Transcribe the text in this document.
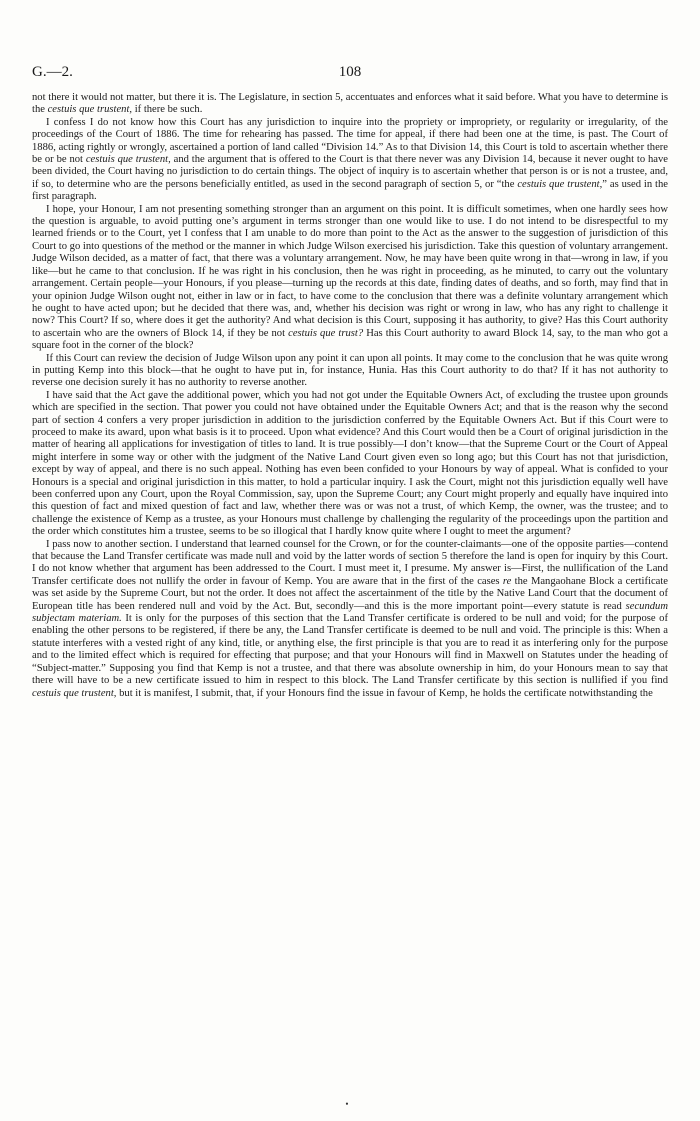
G.—2.	108

not there it would not matter, but there it is. The Legislature, in section 5, accentuates and enforces what it said before. What you have to determine is the cestuis que trustent, if there be such.

I confess I do not know how this Court has any jurisdiction to inquire into the propriety or impropriety, or regularity or irregularity, of the proceedings of the Court of 1886. The time for rehearing has passed. The time for appeal, if there had been one at the time, is past. The Court of 1886, acting rightly or wrongly, ascertained a portion of land called “Division 14.” As to that Division 14, this Court is told to ascertain whether there be or be not cestuis que trustent, and the argument that is offered to the Court is that there never was any Division 14, because it never ought to have been divided, the Court having no jurisdiction to do certain things. The object of inquiry is to ascertain whether that person is or is not a trustee, and, if so, to determine who are the persons beneficially entitled, as used in the second paragraph of section 5, or “the cestuis que trustent,” as used in the first paragraph.

I hope, your Honour, I am not presenting something stronger than an argument on this point. It is difficult sometimes, when one hardly sees how the question is arguable, to avoid putting one’s argument in terms stronger than one would like to use. I do not intend to be disrespectful to my learned friends or to the Court, yet I confess that I am unable to do more than point to the Act as the answer to the suggestion of jurisdiction of this Court to go into questions of the method or the manner in which Judge Wilson exercised his jurisdiction. Take this question of voluntary arrangement. Judge Wilson decided, as a matter of fact, that there was a voluntary arrangement. Now, he may have been quite wrong in that—wrong in law, if you like—but he came to that conclusion. If he was right in his conclusion, then he was right in proceeding, as he minuted, to carry out the voluntary arrangement. Certain people—your Honours, if you please—turning up the records at this date, finding dates of deaths, and so forth, may find that in your opinion Judge Wilson ought not, either in law or in fact, to have come to the conclusion that there was a definite voluntary arrangement which he ought to have acted upon; but he decided that there was, and, whether his decision was right or wrong in law, who has any right to challenge it now? This Court? If so, where does it get the authority? And what decision is this Court, supposing it has authority, to give? Has this Court authority to ascertain who are the owners of Block 14, if they be not cestuis que trust? Has this Court authority to award Block 14, say, to the man who got a square foot in the corner of the block?

If this Court can review the decision of Judge Wilson upon any point it can upon all points. It may come to the conclusion that he was quite wrong in putting Kemp into this block—that he ought to have put in, for instance, Hunia. Has this Court authority to do that? If it has not authority to reverse one decision surely it has no authority to reverse another.

I have said that the Act gave the additional power, which you had not got under the Equitable Owners Act, of excluding the trustee upon grounds which are specified in the section. That power you could not have obtained under the Equitable Owners Act; and that is the reason why the second part of section 4 confers a very proper jurisdiction in addition to the jurisdiction conferred by the Equitable Owners Act. But if this Court were to proceed to make its award, upon what basis is it to proceed. Upon what evidence? And this Court would then be a Court of original jurisdiction in the matter of hearing all applications for investigation of titles to land. It is true possibly—I don’t know—that the Supreme Court or the Court of Appeal might interfere in some way or other with the judgment of the Native Land Court given even so long ago; but this Court has not that jurisdiction, except by way of appeal, and there is no such appeal. Nothing has even been confided to your Honours by way of appeal. What is confided to your Honours is a special and original jurisdiction in this matter, to hold a particular inquiry. I ask the Court, might not this jurisdiction equally well have been conferred upon any Court, upon the Royal Commission, say, upon the Supreme Court; any Court might properly and equally have inquired into this question of fact and mixed question of fact and law, whether there was or was not a trust, of which Kemp, the owner, was the trustee; and to challenge the existence of Kemp as a trustee, as your Honours must challenge by challenging the regularity of the proceedings upon the partition and the order which constitutes him a trustee, seems to be so illogical that I hardly know quite where I ought to meet the argument?

I pass now to another section. I understand that learned counsel for the Crown, or for the counter-claimants—one of the opposite parties—contend that because the Land Transfer certificate was made null and void by the latter words of section 5 therefore the land is open for inquiry by this Court. I do not know whether that argument has been addressed to the Court. I must meet it, I presume. My answer is—First, the nullification of the Land Transfer certificate does not nullify the order in favour of Kemp. You are aware that in the first of the cases re the Mangaohane Block a certificate was set aside by the Supreme Court, but not the order. It does not affect the ascertainment of the title by the Native Land Court that the document of European title has been rendered null and void by the Act. But, secondly—and this is the more important point—every statute is read secundum subjectam materiam. It is only for the purposes of this section that the Land Transfer certificate is ordered to be null and void; for the purpose of enabling the other persons to be registered, if there be any, the Land Transfer certificate is deemed to be null and void. The principle is this: When a statute interferes with a vested right of any kind, title, or anything else, the first principle is that you are to read it as interfering only for the purpose and to the limited effect which is required for effecting that purpose; and that your Honours will find in Maxwell on Statutes under the heading of “Subject-matter.” Supposing you find that Kemp is not a trustee, and that there was absolute ownership in him, do your Honours mean to say that there will have to be a new certificate issued to him in respect to this block. The Land Transfer certificate by this section is nullified if you find cestuis que trustent, but it is manifest, I submit, that, if your Honours find the issue in favour of Kemp, he holds the certificate notwithstanding the

•
